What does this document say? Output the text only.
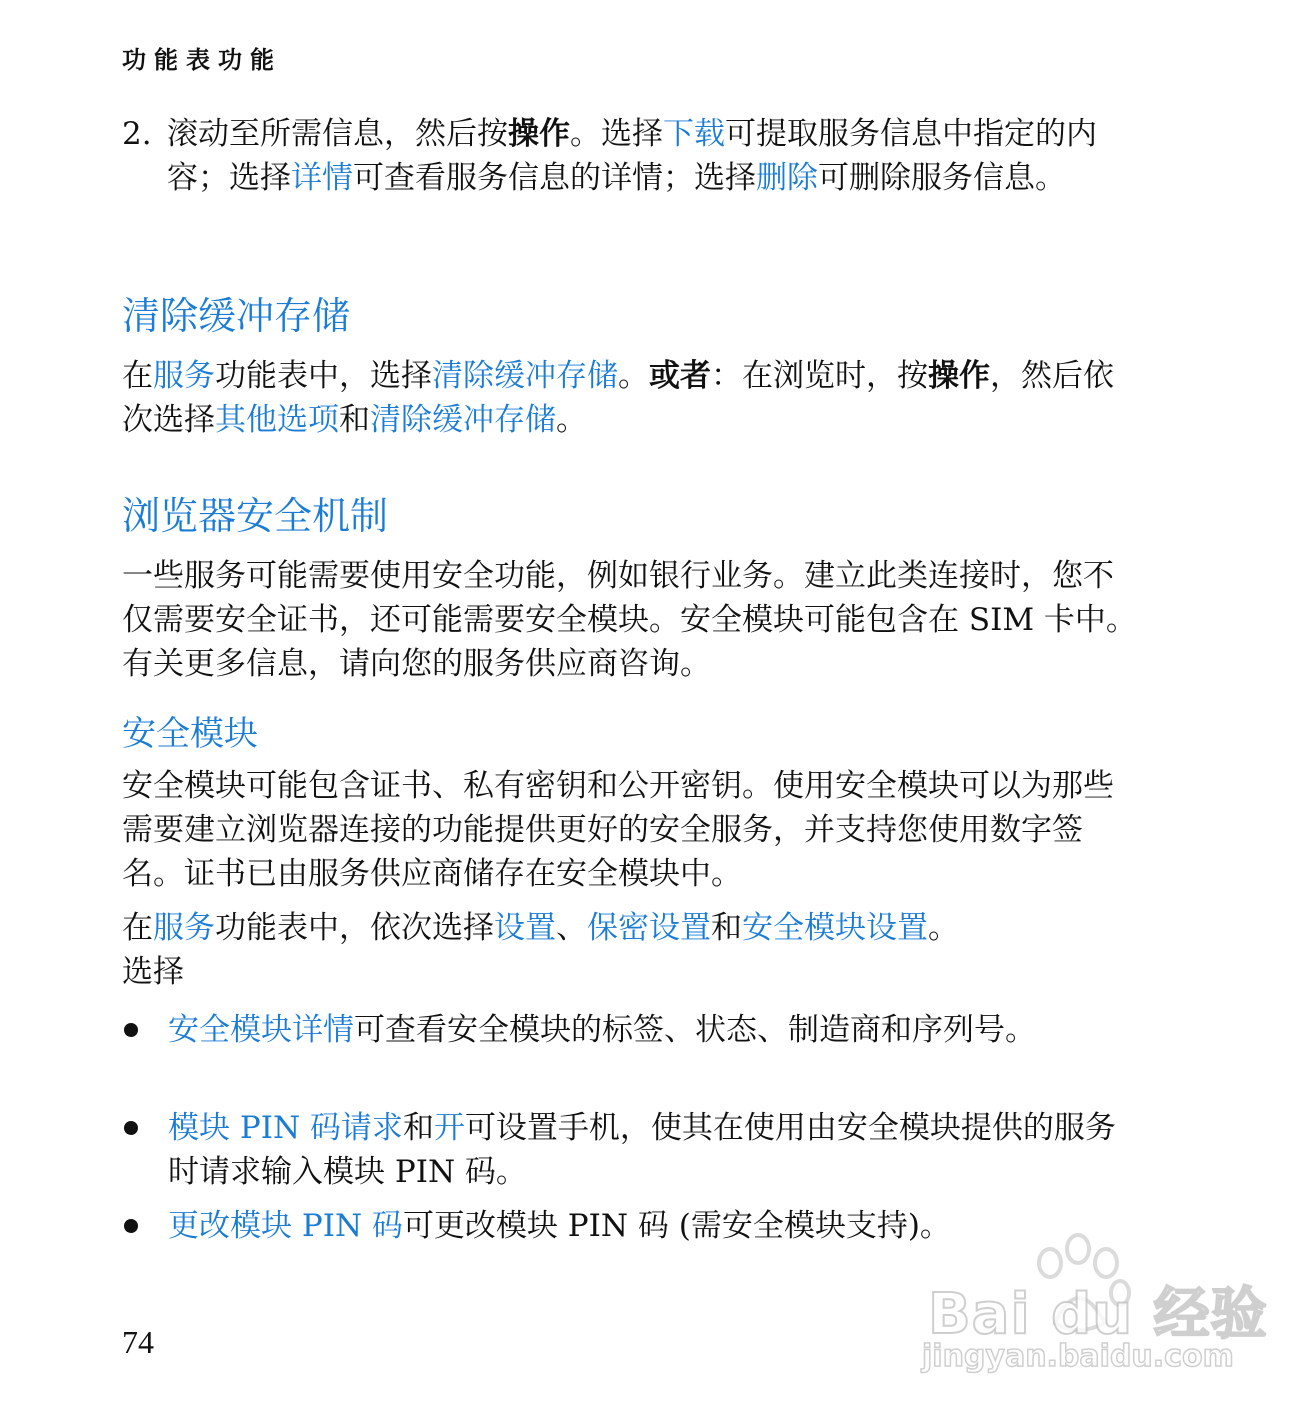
功能表功能
2. 滚动至所需信息，然后按操作。选择下载可提取服务信息中指定的内容；选择详情可查看服务信息的详情；选择删除可删除服务信息。
清除缓冲存储
在服务功能表中，选择清除缓冲存储。或者：在浏览时，按操作，然后依次选择其他选项和清除缓冲存储。
浏览器安全机制
一些服务可能需要使用安全功能，例如银行业务。建立此类连接时，您不仅需要安全证书，还可能需要安全模块。安全模块可能包含在 SIM 卡中。有关更多信息，请向您的服务供应商咨询。
安全模块
安全模块可能包含证书、私有密钥和公开密钥。使用安全模块可以为那些需要建立浏览器连接的功能提供更好的安全服务，并支持您使用数字签名。证书已由服务供应商储存在安全模块中。
在服务功能表中，依次选择设置、保密设置和安全模块设置。
选择
安全模块详情可查看安全模块的标签、状态、制造商和序列号。
模块 PIN 码请求和开可设置手机，使其在使用由安全模块提供的服务时请求输入模块 PIN 码。
更改模块 PIN 码可更改模块 PIN 码 (需安全模块支持)。
74	Bai du 经验
jingyan.baidu.com
